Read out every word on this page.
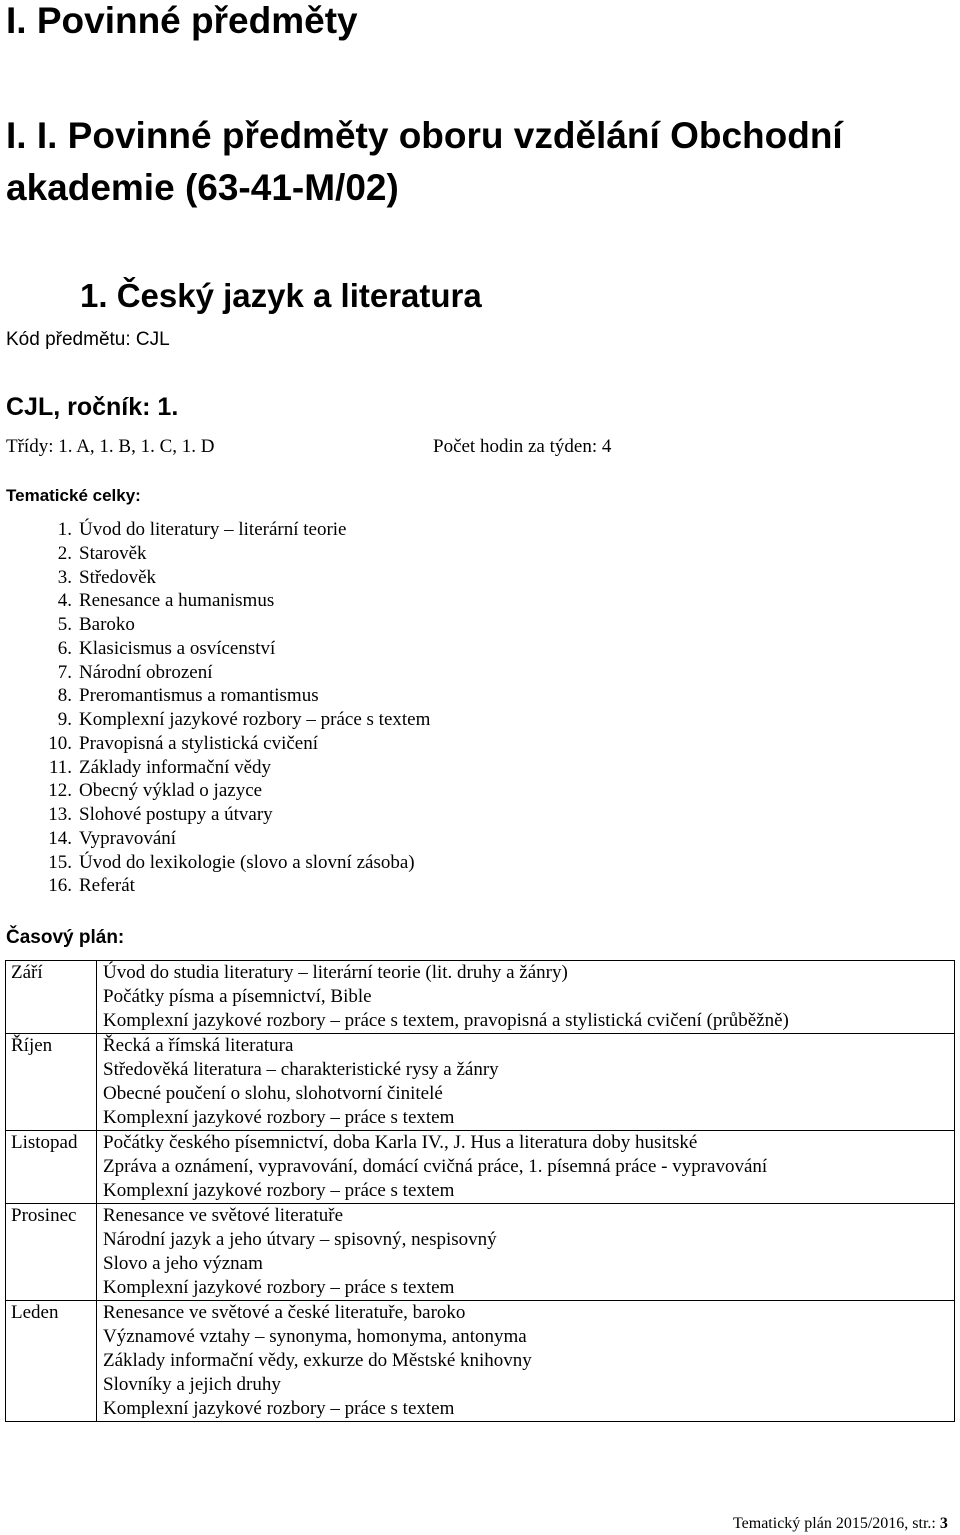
I. Povinné předměty
I. I. Povinné předměty oboru vzdělání Obchodní
akademie (63-41-M/02)
1. Český jazyk a literatura
Kód předmětu: CJL
CJL, ročník: 1.
Třídy: 1. A, 1. B, 1. C, 1. D	Počet hodin za týden: 4
Tematické celky:
1. Úvod do literatury – literární teorie
2. Starověk
3. Středověk
4. Renesance a humanismus
5. Baroko
6. Klasicismus a osvícenství
7. Národní obrození
8. Preromantismus a romantismus
9. Komplexní jazykové rozbory – práce s textem
10. Pravopisná a stylistická cvičení
11. Základy informační vědy
12. Obecný výklad o jazyce
13. Slohové postupy a útvary
14. Vypravování
15. Úvod do lexikologie (slovo a slovní zásoba)
16. Referát
Časový plán:
Září	Úvod do studia literatury – literární teorie (lit. druhy a žánry)
Počátky písma a písemnictví, Bible
Komplexní jazykové rozbory – práce s textem, pravopisná a stylistická cvičení (průběžně)

Říjen	Řecká a římská literatura
Středověká literatura – charakteristické rysy a žánry
Obecné poučení o slohu, slohotvorní činitelé
Komplexní jazykové rozbory – práce s textem

Listopad	Počátky českého písemnictví, doba Karla IV., J. Hus a literatura doby husitské
Zpráva a oznámení, vypravování, domácí cvičná práce, 1. písemná práce - vypravování
Komplexní jazykové rozbory – práce s textem

Prosinec	Renesance ve světové literatuře
Národní jazyk a jeho útvary – spisovný, nespisovný
Slovo a jeho význam
Komplexní jazykové rozbory – práce s textem

Leden	Renesance ve světové a české literatuře, baroko
Významové vztahy – synonyma, homonyma, antonyma
Základy informační vědy, exkurze do Městské knihovny
Slovníky a jejich druhy
Komplexní jazykové rozbory – práce s textem
Tematický plán 2015/2016, str.: 3
